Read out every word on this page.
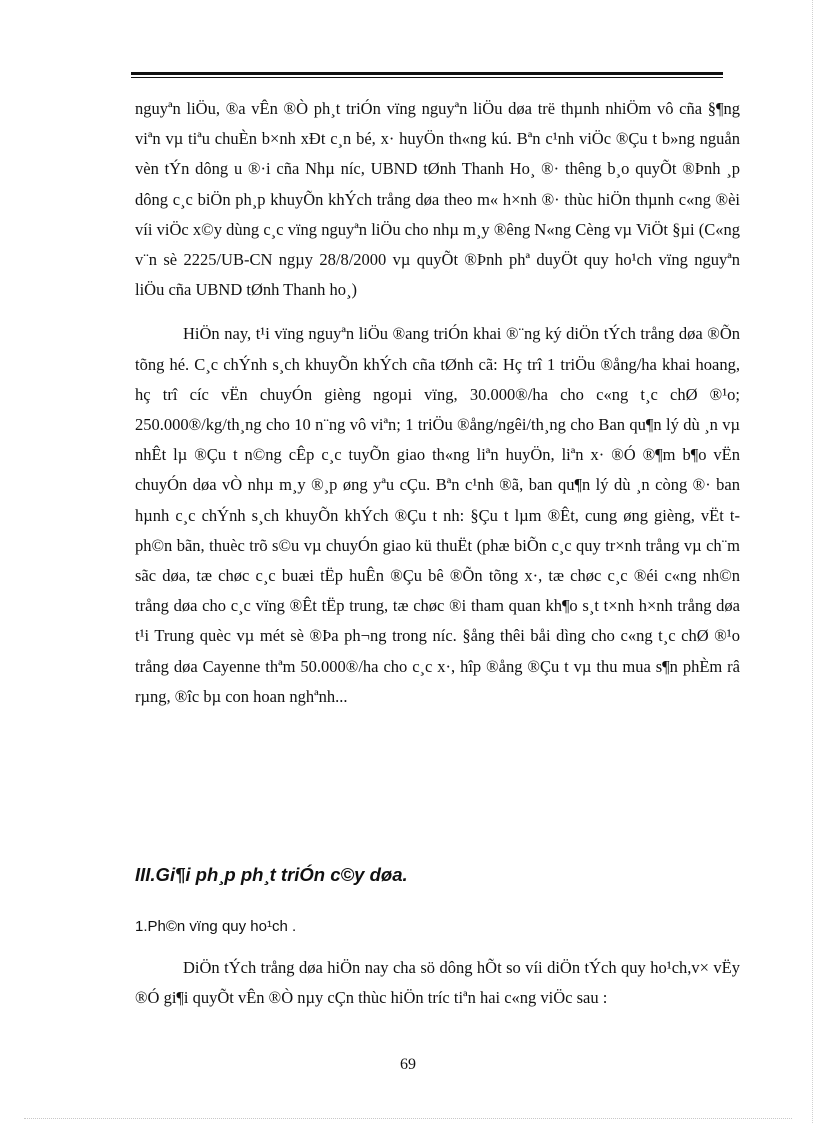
nguyªn liÖu, ®a vÊn ®Ò ph¸t triÓn vïng nguyªn liÖu døa trë thµnh nhiÖm vô cña §¶ng viªn vµ tiªu chuÈn b×nh xÐt c¸n bé, x· huyÖn th«ng kú. Bªn c¹nh viÖc ®Çu t b»ng nguån vèn tÝn dông u ®·i cña Nhµ níc, UBND tØnh Thanh Ho¸ ®· thêng b¸o quyÕt ®Þnh ¸p dông c¸c biÖn ph¸p khuyÕn khÝch trång døa theo m« h×nh ®· thùc hiÖn thµnh c«ng ®èi víi viÖc x©y dùng c¸c vïng nguyªn liÖu cho nhµ m¸y ®êng N«ng Cèng vµ ViÖt §µi (C«ng v¨n sè 2225/UB-CN ngµy 28/8/2000 vµ quyÕt ®Þnh phª duyÖt quy ho¹ch vïng nguyªn liÖu cña UBND tØnh Thanh ho¸)

HiÖn nay, t¹i vïng nguyªn liÖu ®ang triÓn khai ®¨ng ký diÖn tÝch trång døa ®Õn tõng hé. C¸c chÝnh s¸ch khuyÕn khÝch cña tØnh cã: Hç trî 1 triÖu ®ång/ha khai hoang, hç trî cíc vËn chuyÓn gièng ngoµi vïng, 30.000®/ha cho c«ng t¸c chØ ®¹o; 250.000®/kg/th¸ng cho 10 n¨ng vô viªn; 1 triÖu ®ång/ngêi/th¸ng cho Ban qu¶n lý dù ¸n vµ nhÊt lµ ®Çu t n©ng cÊp c¸c tuyÕn giao th«ng liªn huyÖn, liªn x· ®Ó ®¶m b¶o vËn chuyÓn døa vÒ nhµ m¸y ®¸p øng yªu cÇu. Bªn c¹nh ®ã, ban qu¶n lý dù ¸n còng ®· ban hµnh c¸c chÝnh s¸ch khuyÕn khÝch ®Çu t nh: §Çu t lµm ®Êt, cung øng gièng, vËt t ph©n bãn, thuèc trõ s©u vµ chuyÓn giao kü thuËt (phæ biÕn c¸c quy tr×nh trång vµ ch¨m sãc døa, tæ chøc c¸c buæi tËp huÊn ®Çu bê ®Õn tõng x·, tæ chøc c¸c ®éi c«ng nh©n trång døa cho c¸c vïng ®Êt tËp trung, tæ chøc ®i tham quan kh¶o s¸t t×nh h×nh trång døa t¹i Trung quèc vµ mét sè ®Þa ph¬ng trong níc. §ång thêi båi dìng cho c«ng t¸c chØ ®¹o trång døa Cayenne thªm 50.000®/ha cho c¸c x·, hîp ®ång ®Çu t vµ thu mua s¶n phÈm râ rµng, ®îc bµ con hoan nghªnh...

III.Gi¶i ph¸p ph¸t triÓn c©y døa.
1.Ph©n vïng quy ho¹ch .

DiÖn tÝch trång døa hiÖn nay cha sö dông hÕt so víi diÖn tÝch quy ho¹ch,v× vËy ®Ó gi¶i quyÕt vÊn ®Ò nµy cÇn thùc hiÖn tríc tiªn hai c«ng viÖc sau :

69
